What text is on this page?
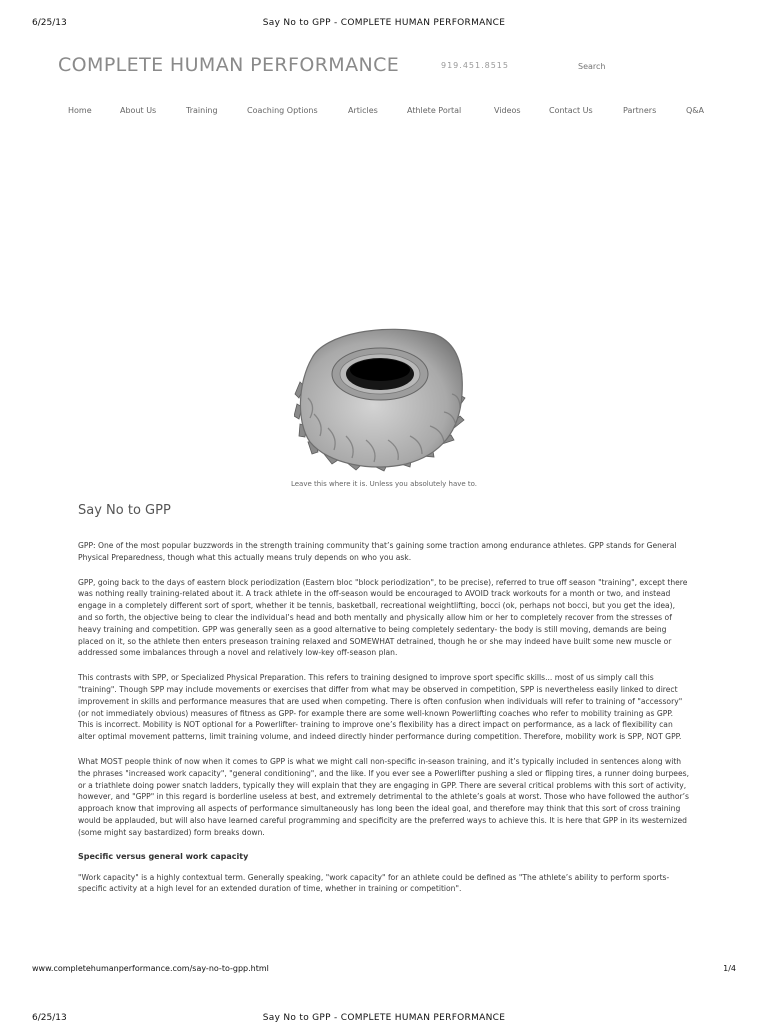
6/25/13	Say No to GPP - COMPLETE HUMAN PERFORMANCE
COMPLETE HUMAN PERFORMANCE	919.451.8515
Search
Home	About Us	Training	Coaching Options	Articles	Athlete Portal	Videos	Contact Us	Partners	Q&A
Leave this where it is. Unless you absolutely have to.
Say No to GPP

GPP: One of the most popular buzzwords in the strength training community that’s gaining some traction among endurance athletes. GPP stands for General Physical Preparedness, though what this actually means truly depends on who you ask.

GPP, going back to the days of eastern block periodization (Eastern bloc "block periodization", to be precise), referred to true off season "training", except there was nothing really training-related about it. A track athlete in the off-season would be encouraged to AVOID track workouts for a month or two, and instead engage in a completely different sort of sport, whether it be tennis, basketball, recreational weightlifting, bocci (ok, perhaps not bocci, but you get the idea), and so forth, the objective being to clear the individual’s head and both mentally and physically allow him or her to completely recover from the stresses of heavy training and competition. GPP was generally seen as a good alternative to being completely sedentary- the body is still moving, demands are being placed on it, so the athlete then enters preseason training relaxed and SOMEWHAT detrained, though he or she may indeed have built some new muscle or addressed some imbalances through a novel and relatively low-key off-season plan.

This contrasts with SPP, or Specialized Physical Preparation. This refers to training designed to improve sport specific skills... most of us simply call this "training". Though SPP may include movements or exercises that differ from what may be observed in competition, SPP is nevertheless easily linked to direct improvement in skills and performance measures that are used when competing. There is often confusion when individuals will refer to training of "accessory" (or not immediately obvious) measures of fitness as GPP- for example there are some well-known Powerlifting coaches who refer to mobility training as GPP. This is incorrect. Mobility is NOT optional for a Powerlifter- training to improve one’s flexibility has a direct impact on performance, as a lack of flexibility can alter optimal movement patterns, limit training volume, and indeed directly hinder performance during competition. Therefore, mobility work is SPP, NOT GPP.

What MOST people think of now when it comes to GPP is what we might call non-specific in-season training, and it’s typically included in sentences along with the phrases "increased work capacity", "general conditioning", and the like. If you ever see a Powerlifter pushing a sled or flipping tires, a runner doing burpees, or a triathlete doing power snatch ladders, typically they will explain that they are engaging in GPP. There are several critical problems with this sort of activity, however, and "GPP" in this regard is borderline useless at best, and extremely detrimental to the athlete’s goals at worst. Those who have followed the author’s approach know that improving all aspects of performance simultaneously has long been the ideal goal, and therefore may think that this sort of cross training would be applauded, but will also have learned careful programming and specificity are the preferred ways to achieve this. It is here that GPP in its westernized (some might say bastardized) form breaks down.

Specific versus general work capacity

"Work capacity" is a highly contextual term. Generally speaking, "work capacity" for an athlete could be defined as "The athlete’s ability to perform sports-specific activity at a high level for an extended duration of time, whether in training or competition".

www.completehumanperformance.com/say-no-to-gpp.html	1/4
6/25/13	Say No to GPP - COMPLETE HUMAN PERFORMANCE
